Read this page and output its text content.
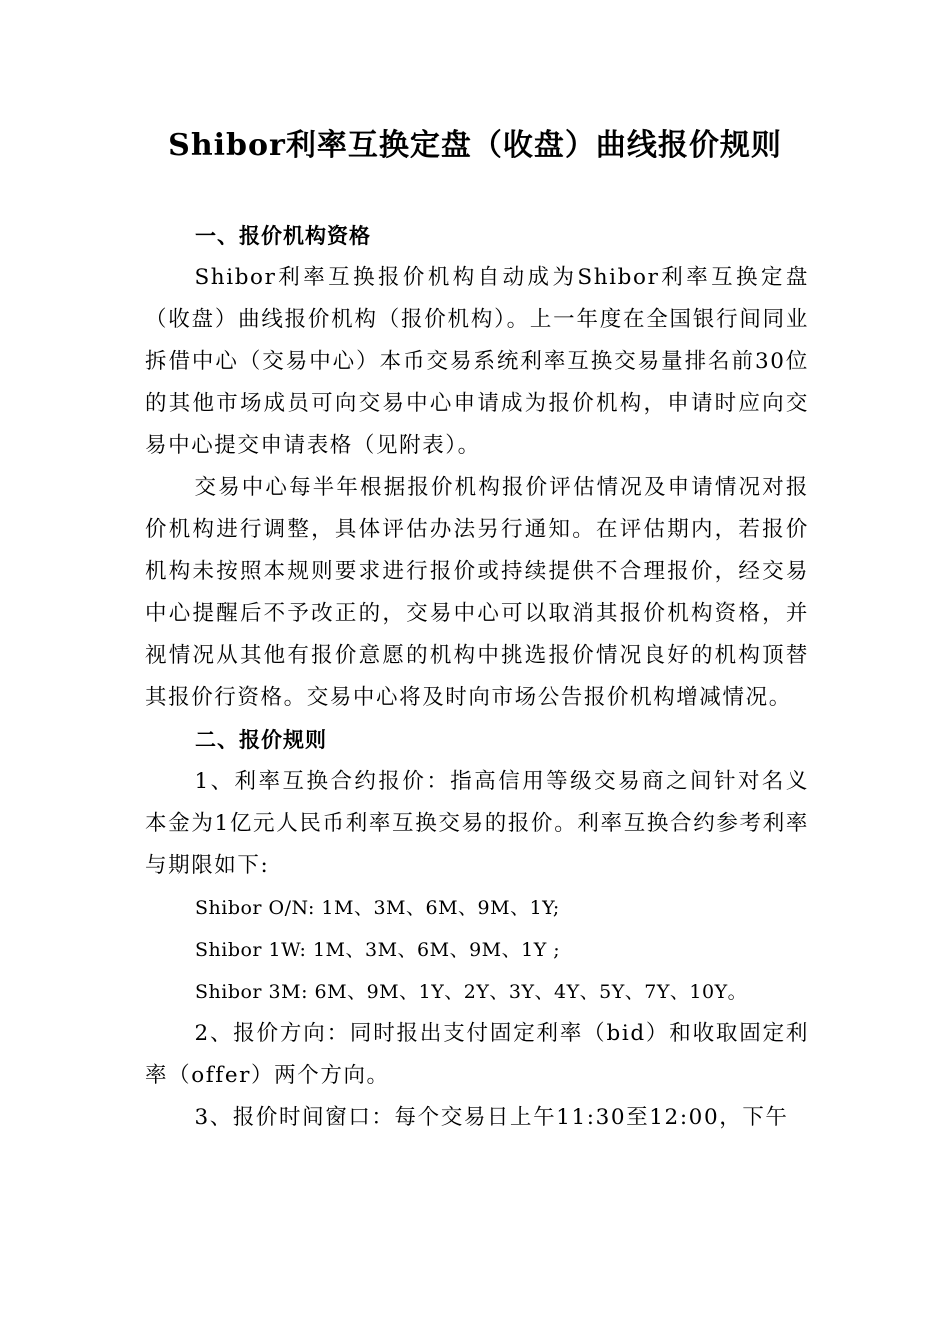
Shibor利率互换定盘（收盘）曲线报价规则
一、报价机构资格

Shibor利率互换报价机构自动成为Shibor利率互换定盘（收盘）曲线报价机构（报价机构）。上一年度在全国银行间同业拆借中心（交易中心）本币交易系统利率互换交易量排名前30位的其他市场成员可向交易中心申请成为报价机构，申请时应向交易中心提交申请表格（见附表）。

交易中心每半年根据报价机构报价评估情况及申请情况对报价机构进行调整，具体评估办法另行通知。在评估期内，若报价机构未按照本规则要求进行报价或持续提供不合理报价，经交易中心提醒后不予改正的，交易中心可以取消其报价机构资格，并视情况从其他有报价意愿的机构中挑选报价情况良好的机构顶替其报价行资格。交易中心将及时向市场公告报价机构增减情况。

二、报价规则

1、利率互换合约报价：指高信用等级交易商之间针对名义本金为1亿元人民币利率互换交易的报价。利率互换合约参考利率与期限如下:

Shibor O/N: 1M、3M、6M、9M、1Y;
Shibor 1W: 1M、3M、6M、9M、1Y ;
Shibor 3M: 6M、9M、1Y、2Y、3Y、4Y、5Y、7Y、10Y。

2、报价方向：同时报出支付固定利率（bid）和收取固定利率（offer）两个方向。

3、报价时间窗口：每个交易日上午11:30至12:00，下午
